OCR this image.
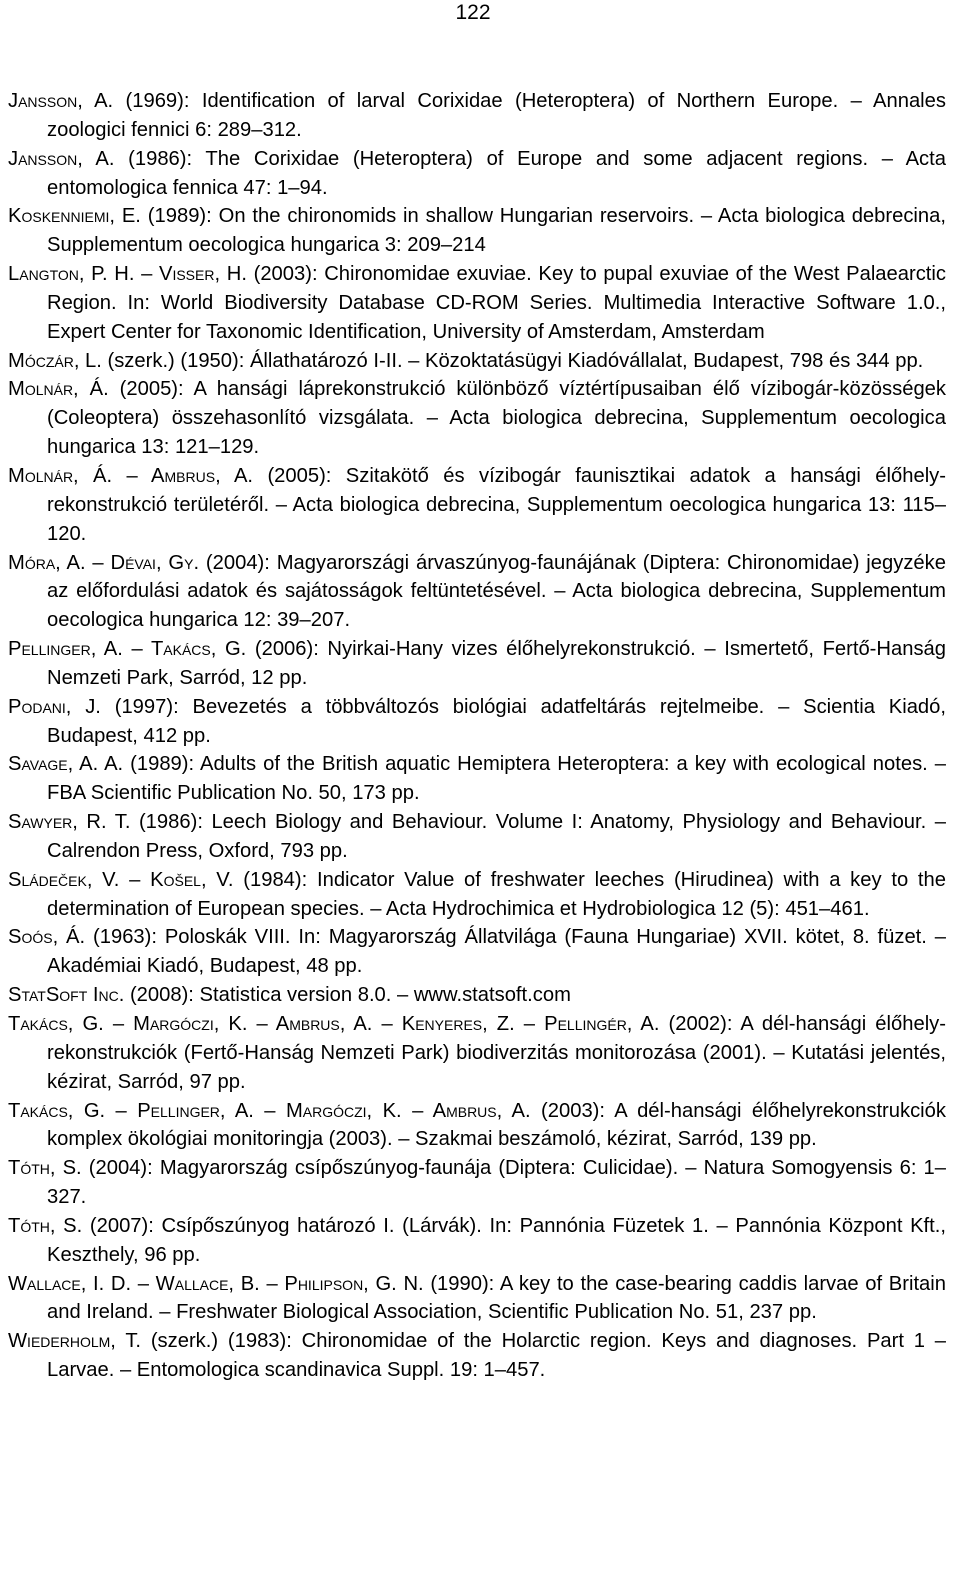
122
Jansson, A. (1969): Identification of larval Corixidae (Heteroptera) of Northern Europe. – Annales zoologici fennici 6: 289–312.
Jansson, A. (1986): The Corixidae (Heteroptera) of Europe and some adjacent regions. – Acta entomologica fennica 47: 1–94.
Koskenniemi, E. (1989): On the chironomids in shallow Hungarian reservoirs. – Acta biologica debrecina, Supplementum oecologica hungarica 3: 209–214
Langton, P. H. – Visser, H. (2003): Chironomidae exuviae. Key to pupal exuviae of the West Palaearctic Region. In: World Biodiversity Database CD-ROM Series. Multimedia Interactive Software 1.0., Expert Center for Taxonomic Identification, University of Amsterdam, Amsterdam
Móczár, L. (szerk.) (1950): Állathatározó I-II. – Közoktatásügyi Kiadóvállalat, Budapest, 798 és 344 pp.
Molnár, Á. (2005): A hansági láprekonstrukció különböző víztértípusaiban élő vízibogár-közösségek (Coleoptera) összehasonlító vizsgálata. – Acta biologica debrecina, Supplementum oecologica hungarica 13: 121–129.
Molnár, Á. – Ambrus, A. (2005): Szitakötő és vízibogár faunisztikai adatok a hansági élőhely-rekonstrukció területéről. – Acta biologica debrecina, Supplementum oecologica hungarica 13: 115–120.
Móra, A. – Dévai, Gy. (2004): Magyarországi árvaszúnyog-faunájának (Diptera: Chironomidae) jegyzéke az előfordulási adatok és sajátosságok feltüntetésével. – Acta biologica debrecina, Supplementum oecologica hungarica 12: 39–207.
Pellinger, A. – Takács, G. (2006): Nyirkai-Hany vizes élőhelyrekonstrukció. – Ismertető, Fertő-Hanság Nemzeti Park, Sarród, 12 pp.
Podani, J. (1997): Bevezetés a többváltozós biológiai adatfeltárás rejtelmeibe. – Scientia Kiadó, Budapest, 412 pp.
Savage, A. A. (1989): Adults of the British aquatic Hemiptera Heteroptera: a key with ecological notes. – FBA Scientific Publication No. 50, 173 pp.
Sawyer, R. T. (1986): Leech Biology and Behaviour. Volume I: Anatomy, Physiology and Behaviour. – Calrendon Press, Oxford, 793 pp.
Sládeček, V. – Košel, V. (1984): Indicator Value of freshwater leeches (Hirudinea) with a key to the determination of European species. – Acta Hydrochimica et Hydrobiologica 12 (5): 451–461.
Soós, Á. (1963): Poloskák VIII. In: Magyarország Állatvilága (Fauna Hungariae) XVII. kötet, 8. füzet. – Akadémiai Kiadó, Budapest, 48 pp.
StatSoft Inc. (2008): Statistica version 8.0. – www.statsoft.com
Takács, G. – Margóczi, K. – Ambrus, A. – Kenyeres, Z. – Pellingér, A. (2002): A dél-hansági élőhely-rekonstrukciók (Fertő-Hanság Nemzeti Park) biodiverzitás monitorozása (2001). – Kutatási jelentés, kézirat, Sarród, 97 pp.
Takács, G. – Pellinger, A. – Margóczi, K. – Ambrus, A. (2003): A dél-hansági élőhelyrekonstrukciók komplex ökológiai monitoringja (2003). – Szakmai beszámoló, kézirat, Sarród, 139 pp.
Tóth, S. (2004): Magyarország csípőszúnyog-faunája (Diptera: Culicidae). – Natura Somogyensis 6: 1–327.
Tóth, S. (2007): Csípőszúnyog határozó I. (Lárvák). In: Pannónia Füzetek 1. – Pannónia Központ Kft., Keszthely, 96 pp.
Wallace, I. D. – Wallace, B. – Philipson, G. N. (1990): A key to the case-bearing caddis larvae of Britain and Ireland. – Freshwater Biological Association, Scientific Publication No. 51, 237 pp.
Wiederholm, T. (szerk.) (1983): Chironomidae of the Holarctic region. Keys and diagnoses. Part 1 – Larvae. – Entomologica scandinavica Suppl. 19: 1–457.
